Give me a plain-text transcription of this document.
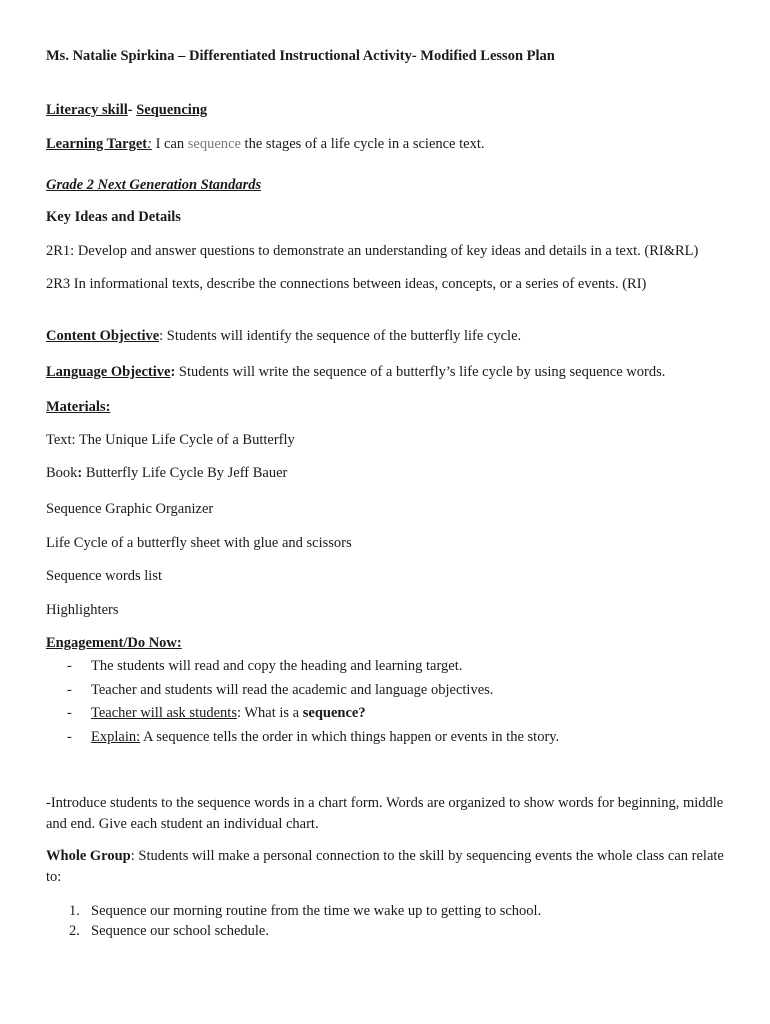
Ms. Natalie Spirkina – Differentiated Instructional Activity- Modified Lesson Plan
Literacy skill- Sequencing
Learning Target: I can sequence the stages of a life cycle in a science text.
Grade 2 Next Generation Standards
Key Ideas and Details
2R1: Develop and answer questions to demonstrate an understanding of key ideas and details in a text. (RI&RL)
2R3 In informational texts, describe the connections between ideas, concepts, or a series of events. (RI)
Content Objective: Students will identify the sequence of the butterfly life cycle.
Language Objective: Students will write the sequence of a butterfly’s life cycle by using sequence words.
Materials:
Text: The Unique Life Cycle of a Butterfly
Book: Butterfly Life Cycle By Jeff Bauer
Sequence Graphic Organizer
Life Cycle of a butterfly sheet with glue and scissors
Sequence words list
Highlighters
Engagement/Do Now:
- The students will read and copy the heading and learning target.
- Teacher and students will read the academic and language objectives.
- Teacher will ask students: What is a sequence?
- Explain: A sequence tells the order in which things happen or events in the story.
-Introduce students to the sequence words in a chart form. Words are organized to show words for beginning, middle and end. Give each student an individual chart.
Whole Group: Students will make a personal connection to the skill by sequencing events the whole class can relate to:
1. Sequence our morning routine from the time we wake up to getting to school.
2. Sequence our school schedule.
